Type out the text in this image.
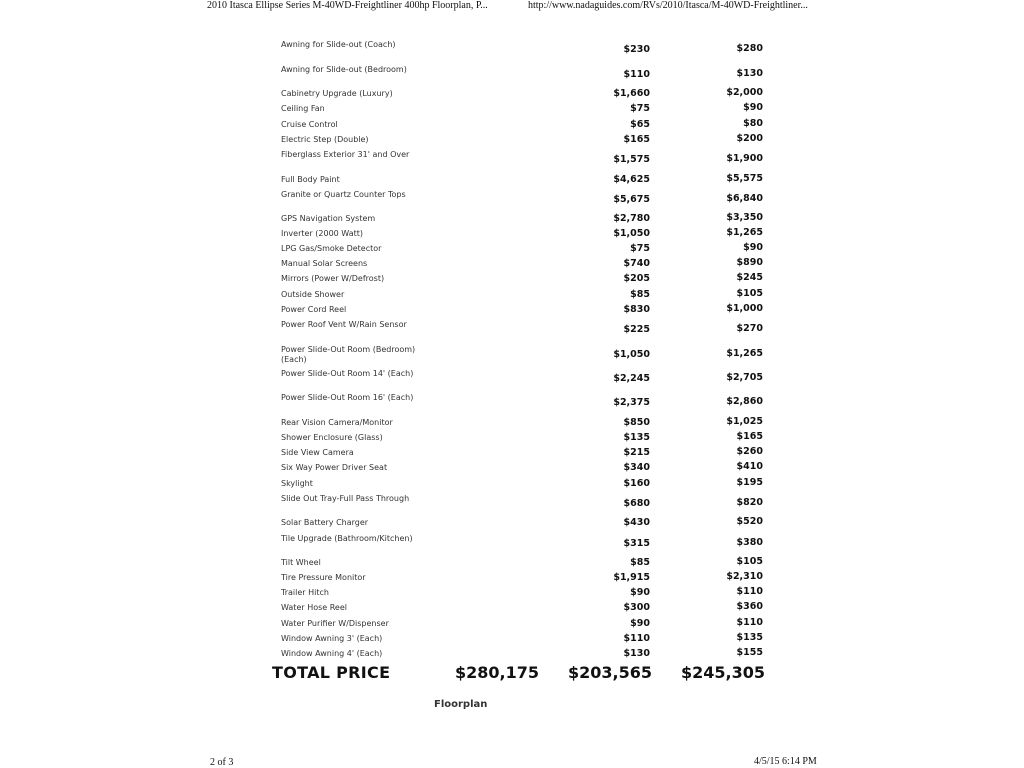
2010 Itasca Ellipse Series M-40WD-Freightliner 400hp Floorplan, P...	http://www.nadaguides.com/RVs/2010/Itasca/M-40WD-Freightliner...
Awning for Slide-out (Coach)	$230	$280
Awning for Slide-out (Bedroom)	$110	$130
Cabinetry Upgrade (Luxury)	$1,660	$2,000
Ceiling Fan	$75	$90
Cruise Control	$65	$80
Electric Step (Double)	$165	$200
Fiberglass Exterior 31' and Over	$1,575	$1,900
Full Body Paint	$4,625	$5,575
Granite or Quartz Counter Tops	$5,675	$6,840
GPS Navigation System	$2,780	$3,350
Inverter (2000 Watt)	$1,050	$1,265
LPG Gas/Smoke Detector	$75	$90
Manual Solar Screens	$740	$890
Mirrors (Power W/Defrost)	$205	$245
Outside Shower	$85	$105
Power Cord Reel	$830	$1,000
Power Roof Vent W/Rain Sensor	$225	$270
Power Slide-Out Room (Bedroom) (Each)	$1,050	$1,265
Power Slide-Out Room 14' (Each)	$2,245	$2,705
Power Slide-Out Room 16' (Each)	$2,375	$2,860
Rear Vision Camera/Monitor	$850	$1,025
Shower Enclosure (Glass)	$135	$165
Side View Camera	$215	$260
Six Way Power Driver Seat	$340	$410
Skylight	$160	$195
Slide Out Tray-Full Pass Through	$680	$820
Solar Battery Charger	$430	$520
Tile Upgrade (Bathroom/Kitchen)	$315	$380
Tilt Wheel	$85	$105
Tire Pressure Monitor	$1,915	$2,310
Trailer Hitch	$90	$110
Water Hose Reel	$300	$360
Water Purifier W/Dispenser	$90	$110
Window Awning 3' (Each)	$110	$135
Window Awning 4' (Each)	$130	$155
TOTAL PRICE	$280,175 $203,565 $245,305
Floorplan
2 of 3	4/5/15 6:14 PM
